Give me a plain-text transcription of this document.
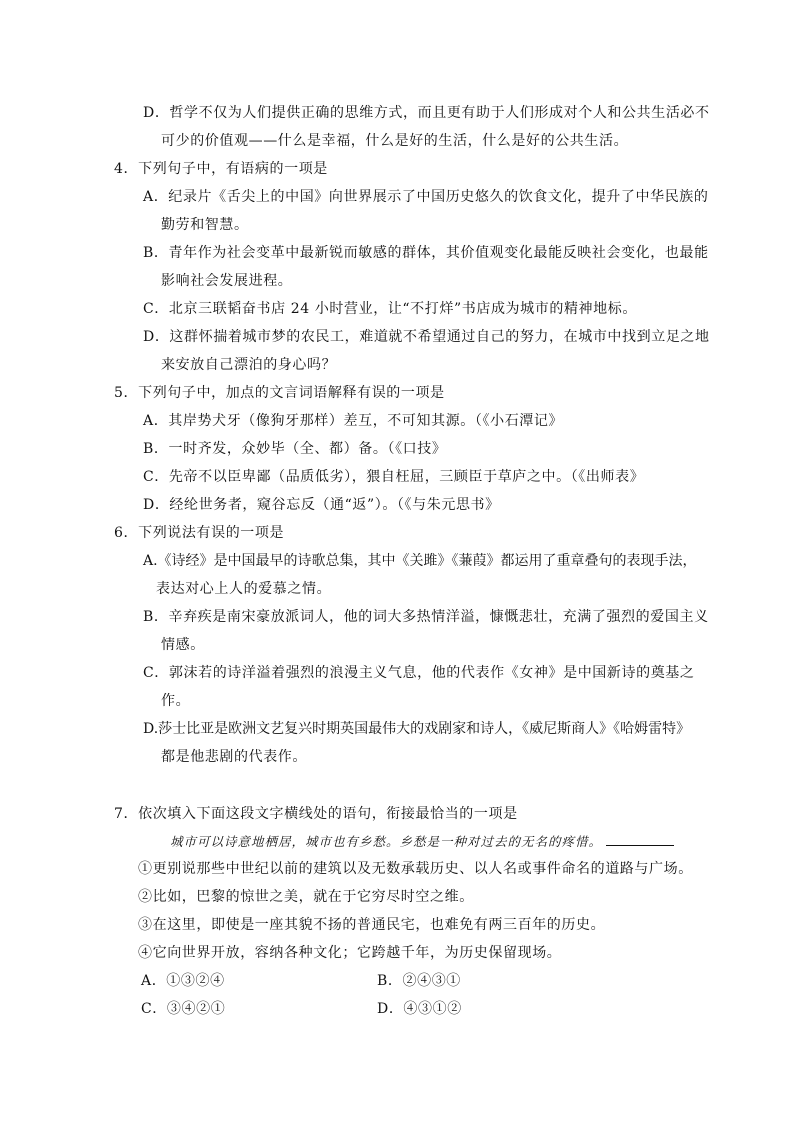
D．哲学不仅为人们提供正确的思维方式，而且更有助于人们形成对个人和公共生活必不
可少的价值观——什么是幸福，什么是好的生活，什么是好的公共生活。
4．下列句子中，有语病的一项是
A．纪录片《舌尖上的中国》向世界展示了中国历史悠久的饮食文化，提升了中华民族的
勤劳和智慧。
B．青年作为社会变革中最新锐而敏感的群体，其价值观变化最能反映社会变化，也最能
影响社会发展进程。
C．北京三联韬奋书店 24 小时营业，让“不打烊”书店成为城市的精神地标。
D．这群怀揣着城市梦的农民工，难道就不希望通过自己的努力，在城市中找到立足之地
来安放自己漂泊的身心吗？
5．下列句子中，加点的文言词语解释有误的一项是
A．其岸势犬牙（像狗牙那样）差互，不可知其源。（《小石潭记》
B．一时齐发，众妙毕（全、都）备。（《口技》
C．先帝不以臣卑鄙（品质低劣），猥自枉屈，三顾臣于草庐之中。（《出师表》
D．经纶世务者，窥谷忘反（通“返”）。（《与朱元思书》
6．下列说法有误的一项是
A.《诗经》是中国最早的诗歌总集，其中《关雎》《蒹葭》都运用了重章叠句的表现手法，
表达对心上人的爱慕之情。
B．辛弃疾是南宋豪放派词人，他的词大多热情洋溢，慷慨悲壮，充满了强烈的爱国主义
情感。
C．郭沫若的诗洋溢着强烈的浪漫主义气息，他的代表作《女神》是中国新诗的奠基之
作。
D.莎士比亚是欧洲文艺复兴时期英国最伟大的戏剧家和诗人，《威尼斯商人》《哈姆雷特》
都是他悲剧的代表作。
7．依次填入下面这段文字横线处的语句，衔接最恰当的一项是
城市可以诗意地栖居，城市也有乡愁。乡愁是一种对过去的无名的疼惜。
①更别说那些中世纪以前的建筑以及无数承载历史、以人名或事件命名的道路与广场。
②比如，巴黎的惊世之美，就在于它穷尽时空之维。
③在这里，即使是一座其貌不扬的普通民宅，也难免有两三百年的历史。
④它向世界开放，容纳各种文化；它跨越千年，为历史保留现场。
A．①③②④	B．②④③①
C．③④②①	D．④③①②
